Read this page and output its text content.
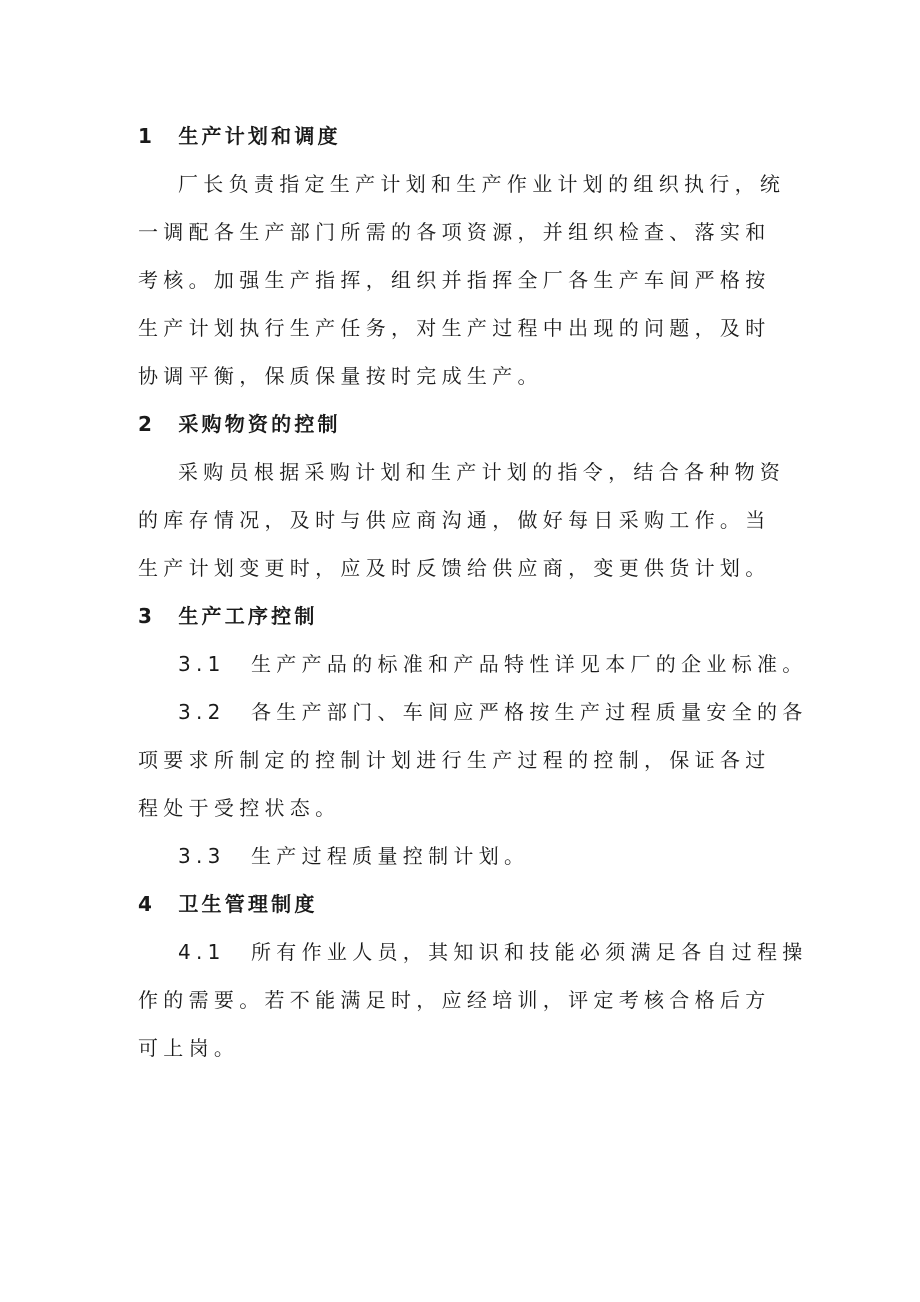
1　生产计划和调度
厂长负责指定生产计划和生产作业计划的组织执行，统
一调配各生产部门所需的各项资源，并组织检查、落实和
考核。加强生产指挥，组织并指挥全厂各生产车间严格按
生产计划执行生产任务，对生产过程中出现的问题，及时
协调平衡，保质保量按时完成生产。
2　采购物资的控制
采购员根据采购计划和生产计划的指令，结合各种物资
的库存情况，及时与供应商沟通，做好每日采购工作。当
生产计划变更时，应及时反馈给供应商，变更供货计划。
3　生产工序控制
3.1　生产产品的标准和产品特性详见本厂的企业标准。
3.2　各生产部门、车间应严格按生产过程质量安全的各
项要求所制定的控制计划进行生产过程的控制，保证各过
程处于受控状态。
3.3　生产过程质量控制计划。
4　卫生管理制度
4.1　所有作业人员，其知识和技能必须满足各自过程操
作的需要。若不能满足时，应经培训，评定考核合格后方
可上岗。
